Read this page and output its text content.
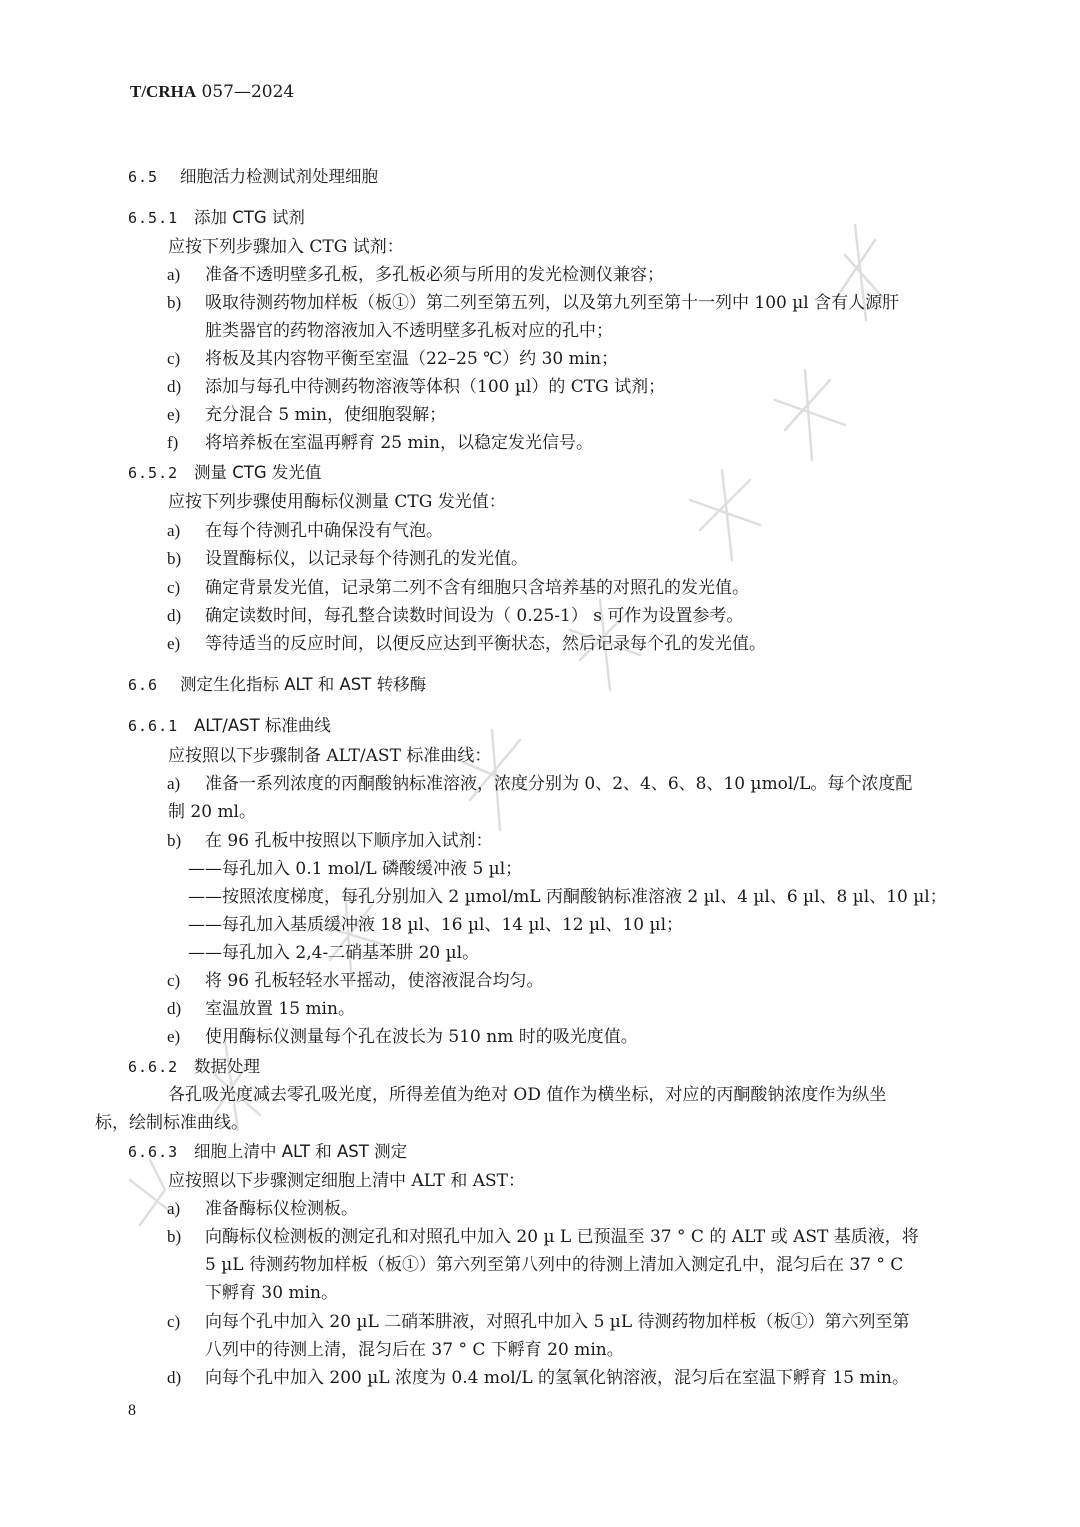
T/CRHA 057—2024
6.5 细胞活力检测试剂处理细胞
6.5.1 添加 CTG 试剂
应按下列步骤加入 CTG 试剂：
a) 准备不透明壁多孔板，多孔板必须与所用的发光检测仪兼容；
b) 吸取待测药物加样板（板①）第二列至第五列，以及第九列至第十一列中 100 µl 含有人源肝
脏类器官的药物溶液加入不透明壁多孔板对应的孔中；
c) 将板及其内容物平衡至室温（22–25 ℃）约 30 min；
d) 添加与每孔中待测药物溶液等体积（100 µl）的 CTG 试剂；
e) 充分混合 5 min，使细胞裂解；
f) 将培养板在室温再孵育 25 min，以稳定发光信号。
6.5.2 测量 CTG 发光值
应按下列步骤使用酶标仪测量 CTG 发光值：
a) 在每个待测孔中确保没有气泡。
b) 设置酶标仪，以记录每个待测孔的发光值。
c) 确定背景发光值，记录第二列不含有细胞只含培养基的对照孔的发光值。
d) 确定读数时间，每孔整合读数时间设为（ 0.25-1） s 可作为设置参考。
e) 等待适当的反应时间，以便反应达到平衡状态，然后记录每个孔的发光值。
6.6 测定生化指标 ALT 和 AST 转移酶
6.6.1 ALT/AST 标准曲线
应按照以下步骤制备 ALT/AST 标准曲线：
a) 准备一系列浓度的丙酮酸钠标准溶液，浓度分别为 0、2、4、6、8、10 µmol/L。每个浓度配
制 20 ml。
b) 在 96 孔板中按照以下顺序加入试剂：
——每孔加入 0.1 mol/L 磷酸缓冲液 5 µl；
——按照浓度梯度，每孔分别加入 2 µmol/mL 丙酮酸钠标准溶液 2 µl、4 µl、6 µl、8 µl、10 µl；
——每孔加入基质缓冲液 18 µl、16 µl、14 µl、12 µl、10 µl；
——每孔加入 2,4-二硝基苯肼 20 µl。
c) 将 96 孔板轻轻水平摇动，使溶液混合均匀。
d) 室温放置 15 min。
e) 使用酶标仪测量每个孔在波长为 510 nm 时的吸光度值。
6.6.2 数据处理
各孔吸光度减去零孔吸光度，所得差值为绝对 OD 值作为横坐标，对应的丙酮酸钠浓度作为纵坐
标，绘制标准曲线。
6.6.3 细胞上清中 ALT 和 AST 测定
应按照以下步骤测定细胞上清中 ALT 和 AST：
a) 准备酶标仪检测板。
b) 向酶标仪检测板的测定孔和对照孔中加入 20 µ L 已预温至 37 ° C 的 ALT 或 AST 基质液，将
5 µL 待测药物加样板（板①）第六列至第八列中的待测上清加入测定孔中，混匀后在 37 ° C
下孵育 30 min。
c) 向每个孔中加入 20 µL 二硝苯肼液，对照孔中加入 5 µL 待测药物加样板（板①）第六列至第
八列中的待测上清，混匀后在 37 ° C 下孵育 20 min。
d) 向每个孔中加入 200 µL 浓度为 0.4 mol/L 的氢氧化钠溶液，混匀后在室温下孵育 15 min。
8
